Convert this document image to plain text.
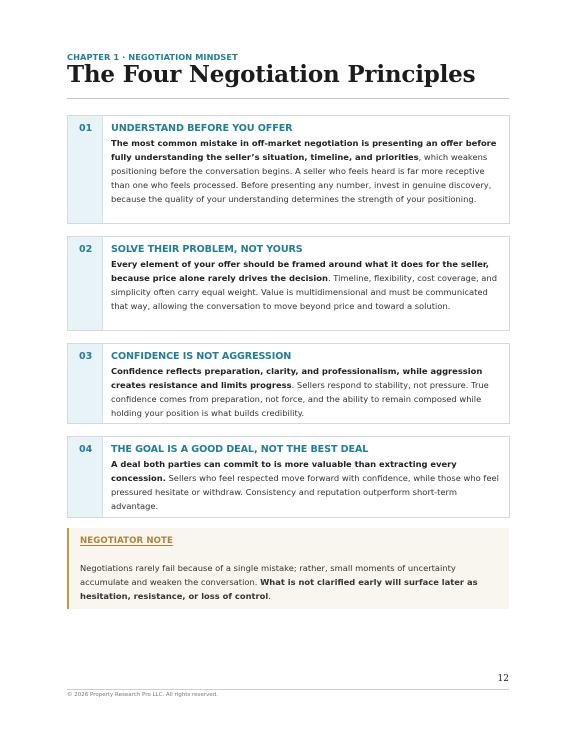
CHAPTER 1 · NEGOTIATION MINDSET
The Four Negotiation Principles
01 UNDERSTAND BEFORE YOU OFFER
The most common mistake in off-market negotiation is presenting an offer before fully understanding the seller’s situation, timeline, and priorities, which weakens positioning before the conversation begins. A seller who feels heard is far more receptive than one who feels processed. Before presenting any number, invest in genuine discovery, because the quality of your understanding determines the strength of your positioning.
02 SOLVE THEIR PROBLEM, NOT YOURS
Every element of your offer should be framed around what it does for the seller, because price alone rarely drives the decision. Timeline, flexibility, cost coverage, and simplicity often carry equal weight. Value is multidimensional and must be communicated that way, allowing the conversation to move beyond price and toward a solution.
03 CONFIDENCE IS NOT AGGRESSION
Confidence reflects preparation, clarity, and professionalism, while aggression creates resistance and limits progress. Sellers respond to stability, not pressure. True confidence comes from preparation, not force, and the ability to remain composed while holding your position is what builds credibility.
04 THE GOAL IS A GOOD DEAL, NOT THE BEST DEAL
A deal both parties can commit to is more valuable than extracting every concession. Sellers who feel respected move forward with confidence, while those who feel pressured hesitate or withdraw. Consistency and reputation outperform short-term advantage.
NEGOTIATOR NOTE
Negotiations rarely fail because of a single mistake; rather, small moments of uncertainty accumulate and weaken the conversation. What is not clarified early will surface later as hesitation, resistance, or loss of control.
12
© 2026 Property Research Pro LLC. All rights reserved.
